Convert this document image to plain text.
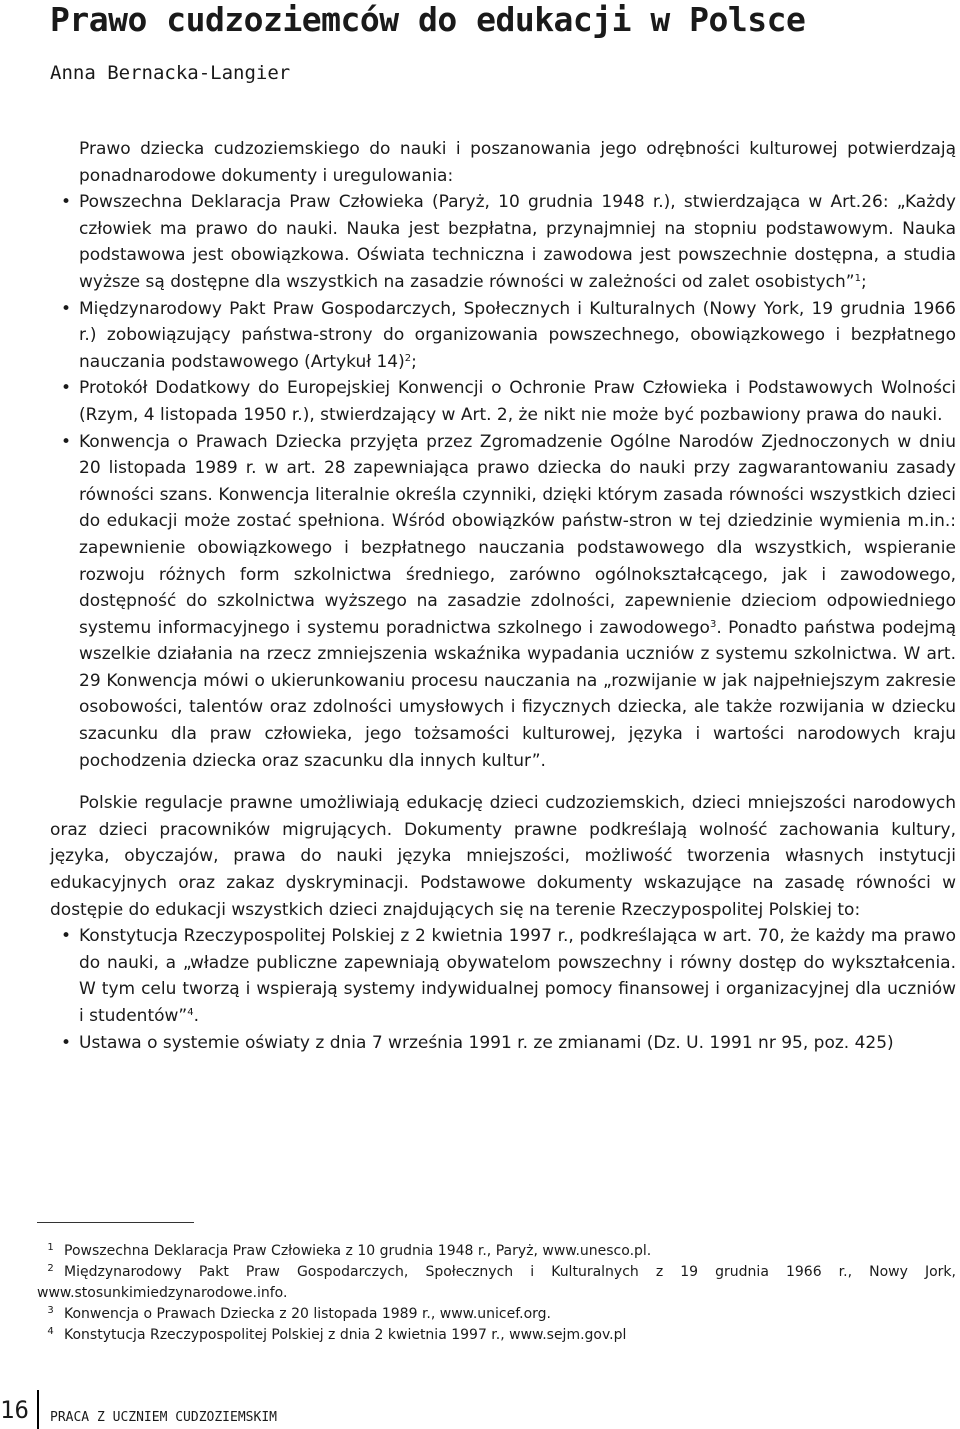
Prawo cudzoziemców do edukacji w Polsce
Anna Bernacka-Langier

Prawo dziecka cudzoziemskiego do nauki i poszanowania jego odrębności kulturowej potwierdzają ponadnarodowe dokumenty i uregulowania:

• Powszechna Deklaracja Praw Człowieka (Paryż, 10 grudnia 1948 r.), stwierdzająca w Art.26: „Każdy człowiek ma prawo do nauki. Nauka jest bezpłatna, przynajmniej na stopniu podstawowym. Nauka podstawowa jest obowiązkowa. Oświata techniczna i zawodowa jest powszechnie dostępna, a studia wyższe są dostępne dla wszystkich na zasadzie równości w zależności od zalet osobistych”$^1$;
• Międzynarodowy Pakt Praw Gospodarczych, Społecznych i Kulturalnych (Nowy York, 19 grudnia 1966 r.) zobowiązujący państwa-strony do organizowania powszechnego, obowiązkowego i bezpłatnego nauczania podstawowego (Artykuł 14)$^2$;
• Protokół Dodatkowy do Europejskiej Konwencji o Ochronie Praw Człowieka i Podstawowych Wolności (Rzym, 4 listopada 1950 r.), stwierdzający w Art. 2, że nikt nie może być pozbawiony prawa do nauki.
• Konwencja o Prawach Dziecka przyjęta przez Zgromadzenie Ogólne Narodów Zjednoczonych w dniu 20 listopada 1989 r. w art. 28 zapewniająca prawo dziecka do nauki przy zagwarantowaniu zasady równości szans. Konwencja literalnie określa czynniki, dzięki którym zasada równości wszystkich dzieci do edukacji może zostać spełniona. Wśród obowiązków państw-stron w tej dziedzinie wymienia m.in.: zapewnienie obowiązkowego i bezpłatnego nauczania podstawowego dla wszystkich, wspieranie rozwoju różnych form szkolnictwa średniego, zarówno ogólnokształcącego, jak i zawodowego, dostępność do szkolnictwa wyższego na zasadzie zdolności, zapewnienie dzieciom odpowiedniego systemu informacyjnego i systemu poradnictwa szkolnego i zawodowego$^3$. Ponadto państwa podejmą wszelkie działania na rzecz zmniejszenia wskaźnika wypadania uczniów z systemu szkolnictwa. W art. 29 Konwencja mówi o ukierunkowaniu procesu nauczania na „rozwijanie w jak najpełniejszym zakresie osobowości, talentów oraz zdolności umysłowych i fizycznych dziecka, ale także rozwijania w dziecku szacunku dla praw człowieka, jego tożsamości kulturowej, języka i wartości narodowych kraju pochodzenia dziecka oraz szacunku dla innych kultur”.

Polskie regulacje prawne umożliwiają edukację dzieci cudzoziemskich, dzieci mniejszości narodowych oraz dzieci pracowników migrujących. Dokumenty prawne podkreślają wolność zachowania kultury, języka, obyczajów, prawa do nauki języka mniejszości, możliwość tworzenia własnych instytucji edukacyjnych oraz zakaz dyskryminacji. Podstawowe dokumenty wskazujące na zasadę równości w dostępie do edukacji wszystkich dzieci znajdujących się na terenie Rzeczypospolitej Polskiej to:

• Konstytucja Rzeczypospolitej Polskiej z 2 kwietnia 1997 r., podkreślająca w art. 70, że każdy ma prawo do nauki, a „władze publiczne zapewniają obywatelom powszechny i równy dostęp do wykształcenia. W tym celu tworzą i wspierają systemy indywidualnej pomocy finansowej i organizacyjnej dla uczniów i studentów”$^4$.
• Ustawa o systemie oświaty z dnia 7 września 1991 r. ze zmianami (Dz. U. 1991 nr 95, poz. 425)

1 Powszechna Deklaracja Praw Człowieka z 10 grudnia 1948 r., Paryż, www.unesco.pl.

2 Międzynarodowy Pakt Praw Gospodarczych, Społecznych i Kulturalnych z 19 grudnia 1966 r., Nowy Jork, www.stosunkimiedzynarodowe.info.

3 Konwencja o Prawach Dziecka z 20 listopada 1989 r., www.unicef.org.

4 Konstytucja Rzeczypospolitej Polskiej z dnia 2 kwietnia 1997 r., www.sejm.gov.pl

16 PRACA Z UCZNIEM CUDZOZIEMSKIM
